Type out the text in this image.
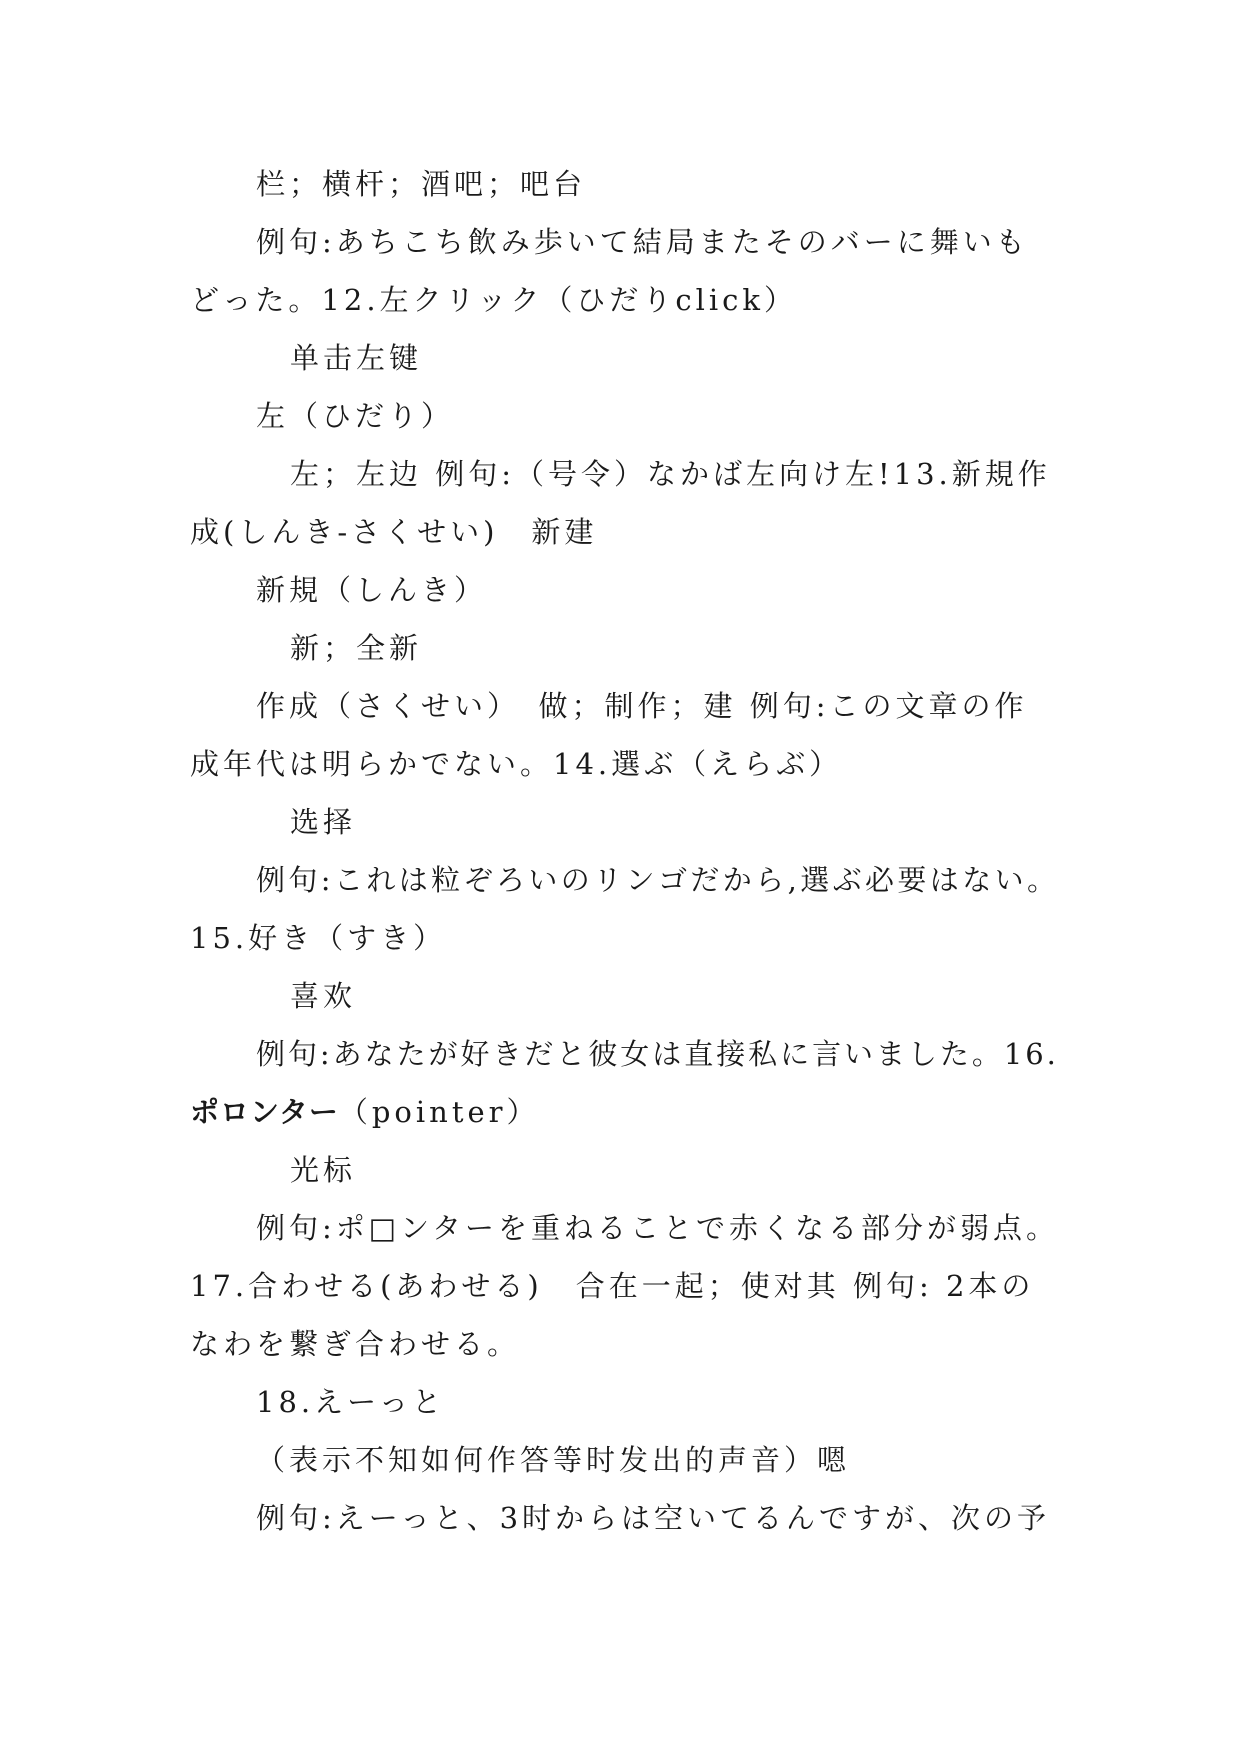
栏；横杆；酒吧；吧台
例句:あちこち飲み歩いて結局またそのバーに舞いも
どった。12.左クリック（ひだりclick）
单击左键
左（ひだり）
左；左边 例句:（号令）なかば左向け左!13.新規作
成(しんき-さくせい)　新建
新規（しんき）
新；全新
作成（さくせい）　做；制作；建 例句:この文章の作
成年代は明らかでない。14.選ぶ（えらぶ）
选择
例句:これは粒ぞろいのリンゴだから,選ぶ必要はない。
15.好き（すき）
喜欢
例句:あなたが好きだと彼女は直接私に言いました。16.
ポロンター（pointer）
光标
例句:ポ□ンターを重ねることで赤くなる部分が弱点。
17.合わせる(あわせる)　合在一起；使对其 例句: 2本の
なわを繋ぎ合わせる。
18.えーっと
（表示不知如何作答等时发出的声音）嗯
例句:えーっと、3时からは空いてるんですが、次の予
